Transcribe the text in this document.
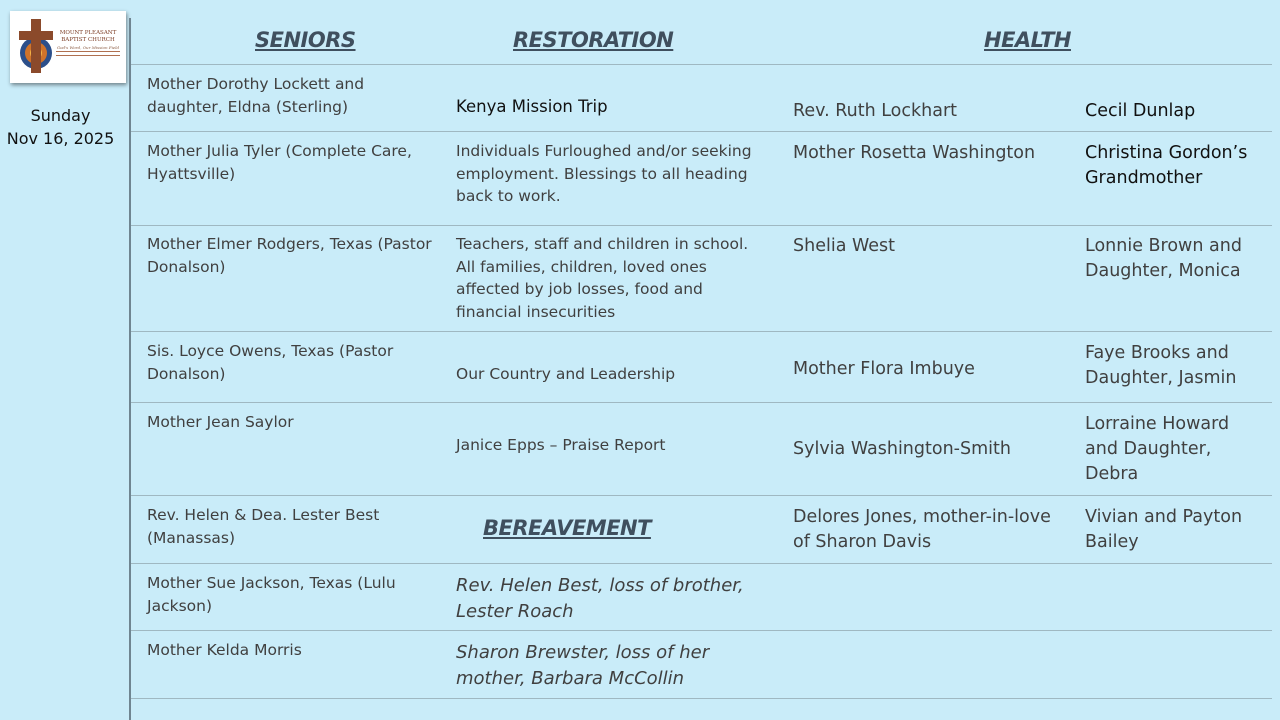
MOUNT PLEASANT
BAPTIST CHURCH
God's Word, Our Mission Field
Sunday
Nov 16, 2025
SENIORS	RESTORATION	HEALTH
BEREAVEMENT
Mother Dorothy Lockett and daughter, Eldna (Sterling)
Mother Julia Tyler (Complete Care, Hyattsville)
Mother Elmer Rodgers, Texas (Pastor Donalson)
Sis. Loyce Owens, Texas (Pastor Donalson)
Mother Jean Saylor
Rev. Helen & Dea. Lester Best (Manassas)
Mother Sue Jackson, Texas (Lulu Jackson)
Mother Kelda Morris
Kenya Mission Trip
Individuals Furloughed and/or seeking employment. Blessings to all heading back to work.
Teachers, staff and children in school. All families, children, loved ones affected by job losses, food and financial insecurities
Our Country and Leadership
Janice Epps – Praise Report
Rev. Helen Best, loss of brother, Lester Roach
Sharon Brewster, loss of her mother, Barbara McCollin
Rev. Ruth Lockhart
Mother Rosetta Washington
Shelia West
Mother Flora Imbuye
Sylvia Washington-Smith
Delores Jones, mother-in-love of Sharon Davis
Cecil Dunlap
Christina Gordon’s Grandmother
Lonnie Brown and Daughter, Monica
Faye Brooks and Daughter, Jasmin
Lorraine Howard and Daughter, Debra
Vivian and Payton Bailey
